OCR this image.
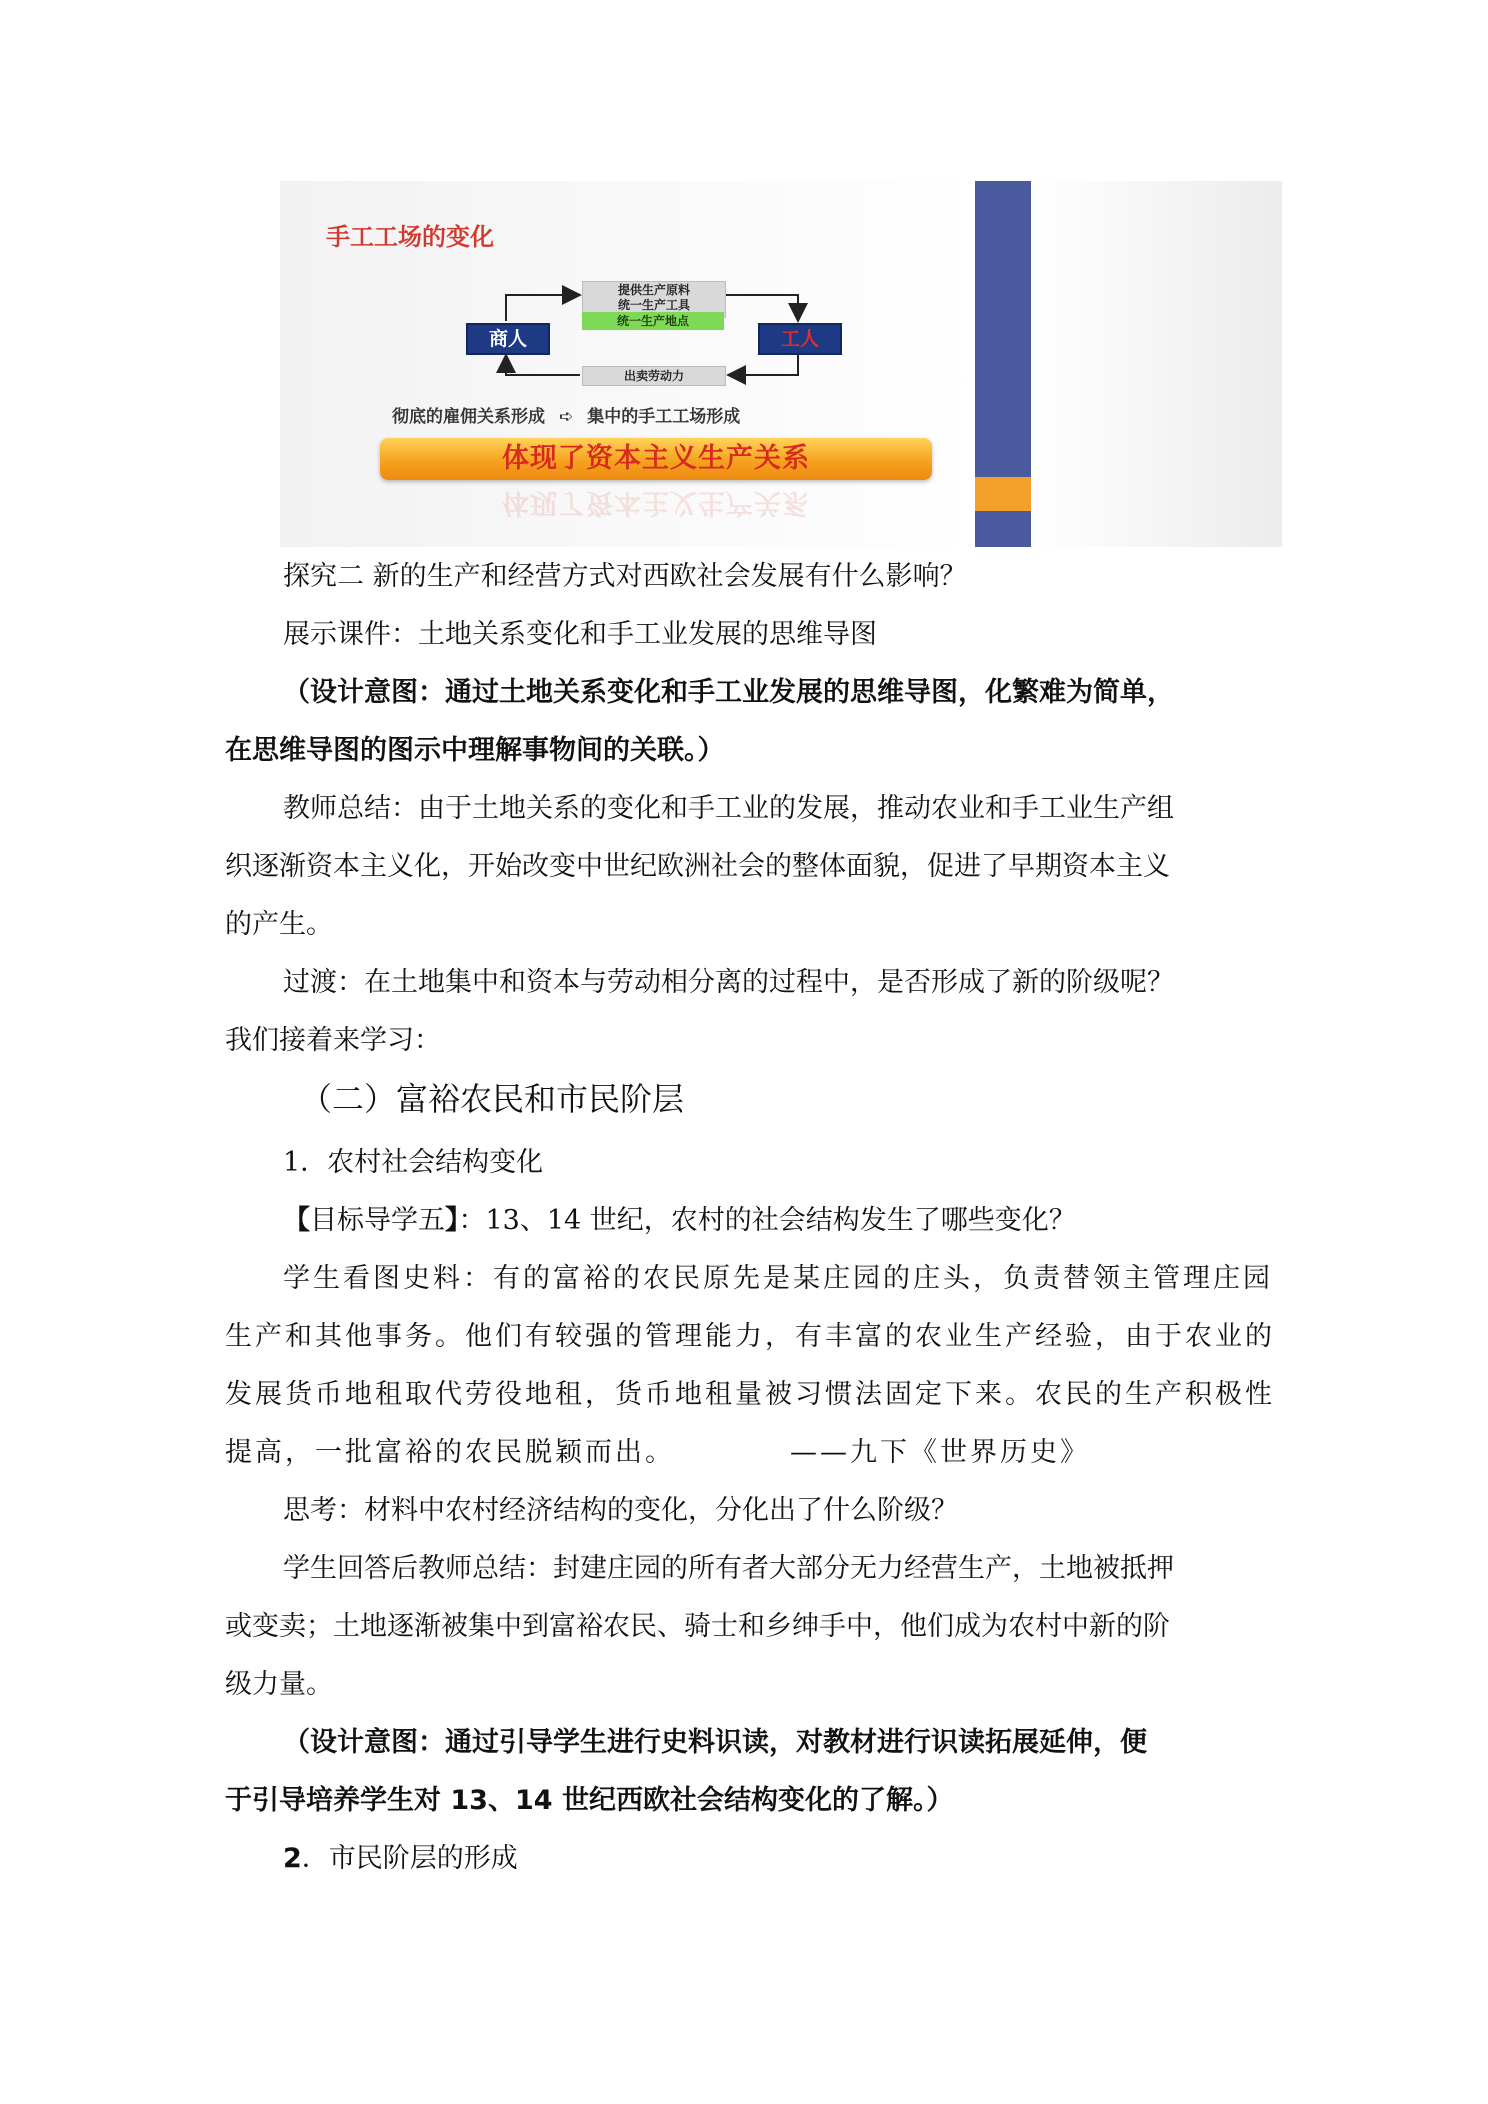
手工工场的变化
商人	工人
提供生产原料
统一生产工具
统一生产地点
出卖劳动力
彻底的雇佣关系形成 ➪ 集中的手工工场形成
体现了资本主义生产关系
体现了资本主义生产关系
探究二 新的生产和经营方式对西欧社会发展有什么影响？
展示课件：土地关系变化和手工业发展的思维导图
（设计意图：通过土地关系变化和手工业发展的思维导图，化繁难为简单，
在思维导图的图示中理解事物间的关联。）
教师总结：由于土地关系的变化和手工业的发展，推动农业和手工业生产组
织逐渐资本主义化，开始改变中世纪欧洲社会的整体面貌，促进了早期资本主义
的产生。
过渡：在土地集中和资本与劳动相分离的过程中，是否形成了新的阶级呢？
我们接着来学习：
（二）富裕农民和市民阶层
1．农村社会结构变化
【目标导学五】：13、14 世纪，农村的社会结构发生了哪些变化？
学生看图史料：有的富裕的农民原先是某庄园的庄头，负责替领主管理庄园
生产和其他事务。他们有较强的管理能力，有丰富的农业生产经验，由于农业的
发展货币地租取代劳役地租，货币地租量被习惯法固定下来。农民的生产积极性
提高，一批富裕的农民脱颖而出。	——九下《世界历史》
思考：材料中农村经济结构的变化，分化出了什么阶级？
学生回答后教师总结：封建庄园的所有者大部分无力经营生产，土地被抵押
或变卖；土地逐渐被集中到富裕农民、骑士和乡绅手中，他们成为农村中新的阶
级力量。
（设计意图：通过引导学生进行史料识读，对教材进行识读拓展延伸，便
于引导培养学生对 13、14 世纪西欧社会结构变化的了解。）
2．市民阶层的形成
